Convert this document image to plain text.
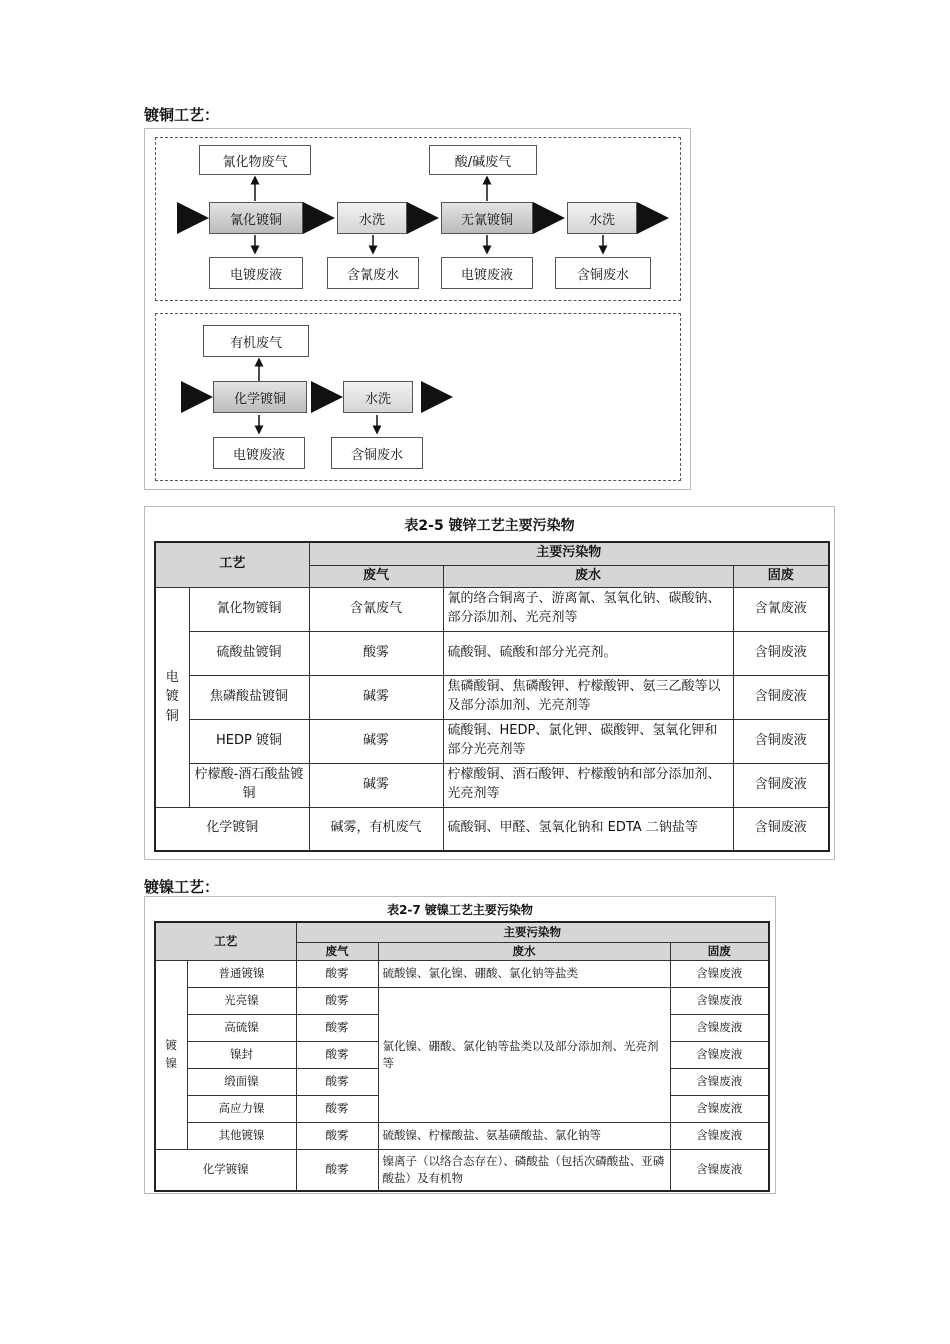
镀铜工艺：
氰化物废气	酸/碱废气
氰化镀铜	水洗	无氰镀铜	水洗
电镀废液	含氰废水	电镀废液	含铜废水
有机废气
化学镀铜	水洗
电镀废液	含铜废水
表2-5 镀锌工艺主要污染物
工艺		主要污染物		
		废气	废水	固废
电镀铜	氰化物镀铜	含氰废气	氰的络合铜离子、游离氰、氢氧化钠、碳酸钠、部分添加剂、光亮剂等	含氰废液
	硫酸盐镀铜	酸雾	硫酸铜、硫酸和部分光亮剂。	含铜废液
	焦磷酸盐镀铜	碱雾	焦磷酸铜、焦磷酸钾、柠檬酸钾、氨三乙酸等以及部分添加剂、光亮剂等	含铜废液
	HEDP 镀铜	碱雾	硫酸铜、HEDP、氯化钾、碳酸钾、氢氧化钾和部分光亮剂等	含铜废液
	柠檬酸-酒石酸盐镀铜	碱雾	柠檬酸铜、酒石酸钾、柠檬酸钠和部分添加剂、光亮剂等	含铜废液
化学镀铜		碱雾，有机废气	硫酸铜、甲醛、氢氧化钠和 EDTA 二钠盐等	含铜废液
镀镍工艺：
表2-7 镀镍工艺主要污染物
工艺		主要污染物		
		废气	废水	固废
镀镍	普通镀镍	酸雾	硫酸镍、氯化镍、硼酸、氯化钠等盐类	含镍废液
	光亮镍	酸雾	氯化镍、硼酸、氯化钠等盐类以及部分添加剂、光亮剂等	含镍废液
	高硫镍	酸雾		含镍废液
	镍封	酸雾		含镍废液
	缎面镍	酸雾		含镍废液
	高应力镍	酸雾		含镍废液
	其他镀镍	酸雾	硫酸镍、柠檬酸盐、氨基磺酸盐、氯化钠等	含镍废液
化学镀镍		酸雾	镍离子（以络合态存在）、磷酸盐（包括次磷酸盐、亚磷酸盐）及有机物	含镍废液
